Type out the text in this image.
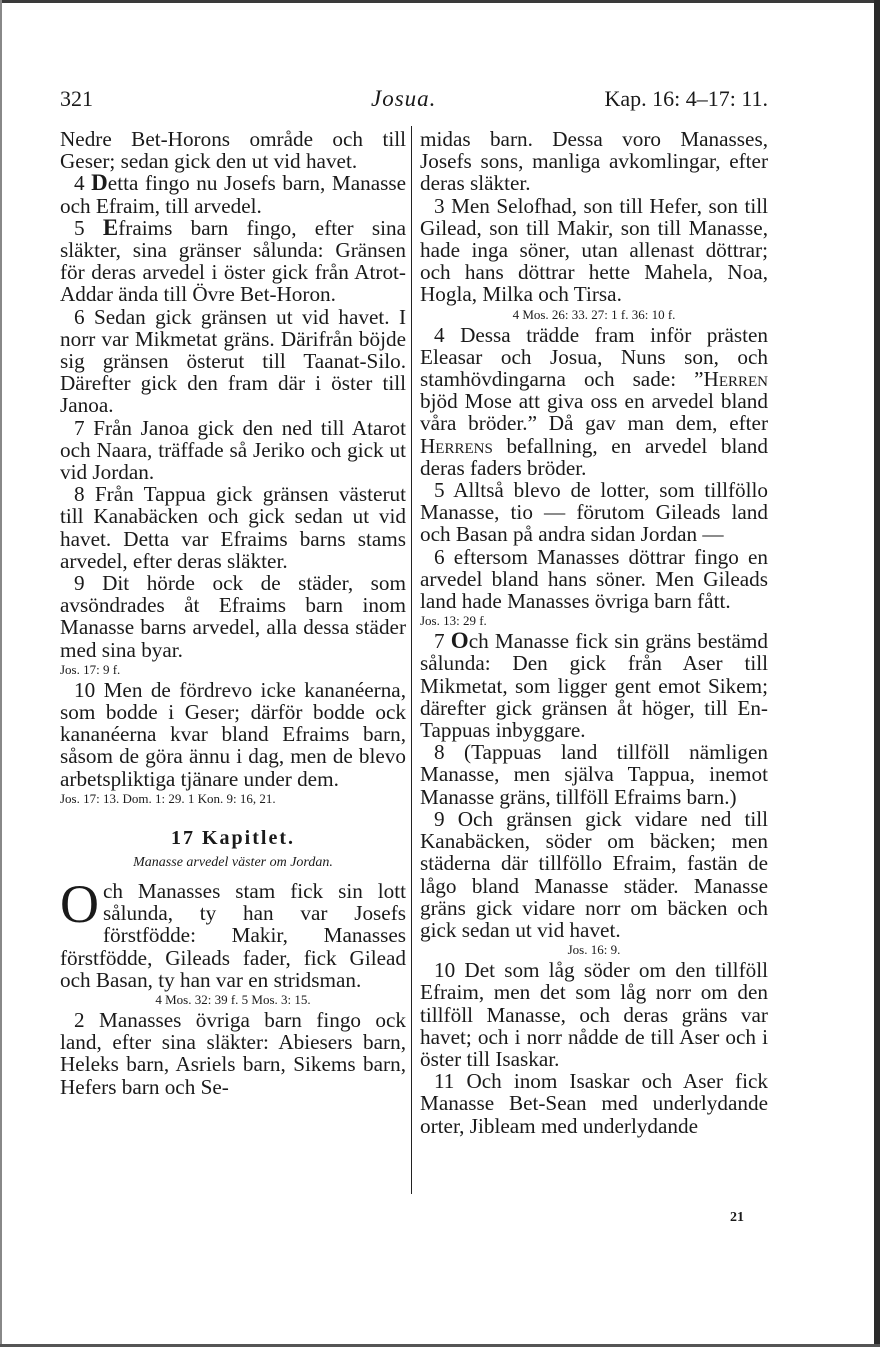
321	Josua.	Kap. 16: 4–17: 11.

Nedre Bet-Horons område och till Geser; sedan gick den ut vid havet.

4 Detta fingo nu Josefs barn, Manasse och Efraim, till arvedel.

5 Efraims barn fingo, efter sina släkter, sina gränser sålunda: Gränsen för deras arvedel i öster gick från Atrot-Addar ända till Övre Bet-Horon.

6 Sedan gick gränsen ut vid havet. I norr var Mikmetat gräns. Därifrån böjde sig gränsen österut till Taanat-Silo. Därefter gick den fram där i öster till Janoa.

7 Från Janoa gick den ned till Atarot och Naara, träffade så Jeriko och gick ut vid Jordan.

8 Från Tappua gick gränsen västerut till Kanabäcken och gick sedan ut vid havet. Detta var Efraims barns stams arvedel, efter deras släkter.

9 Dit hörde ock de städer, som avsöndrades åt Efraims barn inom Manasse barns arvedel, alla dessa städer med sina byar.

Jos. 17: 9 f.

10 Men de fördrevo icke kananéerna, som bodde i Geser; därför bodde ock kananéerna kvar bland Efraims barn, såsom de göra ännu i dag, men de blevo arbetspliktiga tjänare under dem.

Jos. 17: 13. Dom. 1: 29. 1 Kon. 9: 16, 21.

17 Kapitlet.
Manasse arvedel väster om Jordan.

Och Manasses stam fick sin lott sålunda, ty han var Josefs förstfödde: Makir, Manasses förstfödde, Gileads fader, fick Gilead och Basan, ty han var en stridsman.

4 Mos. 32: 39 f. 5 Mos. 3: 15.

2 Manasses övriga barn fingo ock land, efter sina släkter: Abiesers barn, Heleks barn, Asriels barn, Sikems barn, Hefers barn och Se-

midas barn. Dessa voro Manasses, Josefs sons, manliga avkomlingar, efter deras släkter.

3 Men Selofhad, son till Hefer, son till Gilead, son till Makir, son till Manasse, hade inga söner, utan allenast döttrar; och hans döttrar hette Mahela, Noa, Hogla, Milka och Tirsa.

4 Mos. 26: 33. 27: 1 f. 36: 10 f.

4 Dessa trädde fram inför prästen Eleasar och Josua, Nuns son, och stamhövdingarna och sade: ”Herren bjöd Mose att giva oss en arvedel bland våra bröder.” Då gav man dem, efter Herrens befallning, en arvedel bland deras faders bröder.

5 Alltså blevo de lotter, som tillföllo Manasse, tio — förutom Gileads land och Basan på andra sidan Jordan —

6 eftersom Manasses döttrar fingo en arvedel bland hans söner. Men Gileads land hade Manasses övriga barn fått.

Jos. 13: 29 f.

7 Och Manasse fick sin gräns bestämd sålunda: Den gick från Aser till Mikmetat, som ligger gent emot Sikem; därefter gick gränsen åt höger, till En-Tappuas inbyggare.

8 (Tappuas land tillföll nämligen Manasse, men själva Tappua, inemot Manasse gräns, tillföll Efraims barn.)

9 Och gränsen gick vidare ned till Kanabäcken, söder om bäcken; men städerna där tillföllo Efraim, fastän de lågo bland Manasse städer. Manasse gräns gick vidare norr om bäcken och gick sedan ut vid havet.

Jos. 16: 9.

10 Det som låg söder om den tillföll Efraim, men det som låg norr om den tillföll Manasse, och deras gräns var havet; och i norr nådde de till Aser och i öster till Isaskar.

11 Och inom Isaskar och Aser fick Manasse Bet-Sean med underlydande orter, Jibleam med underlydande

21
